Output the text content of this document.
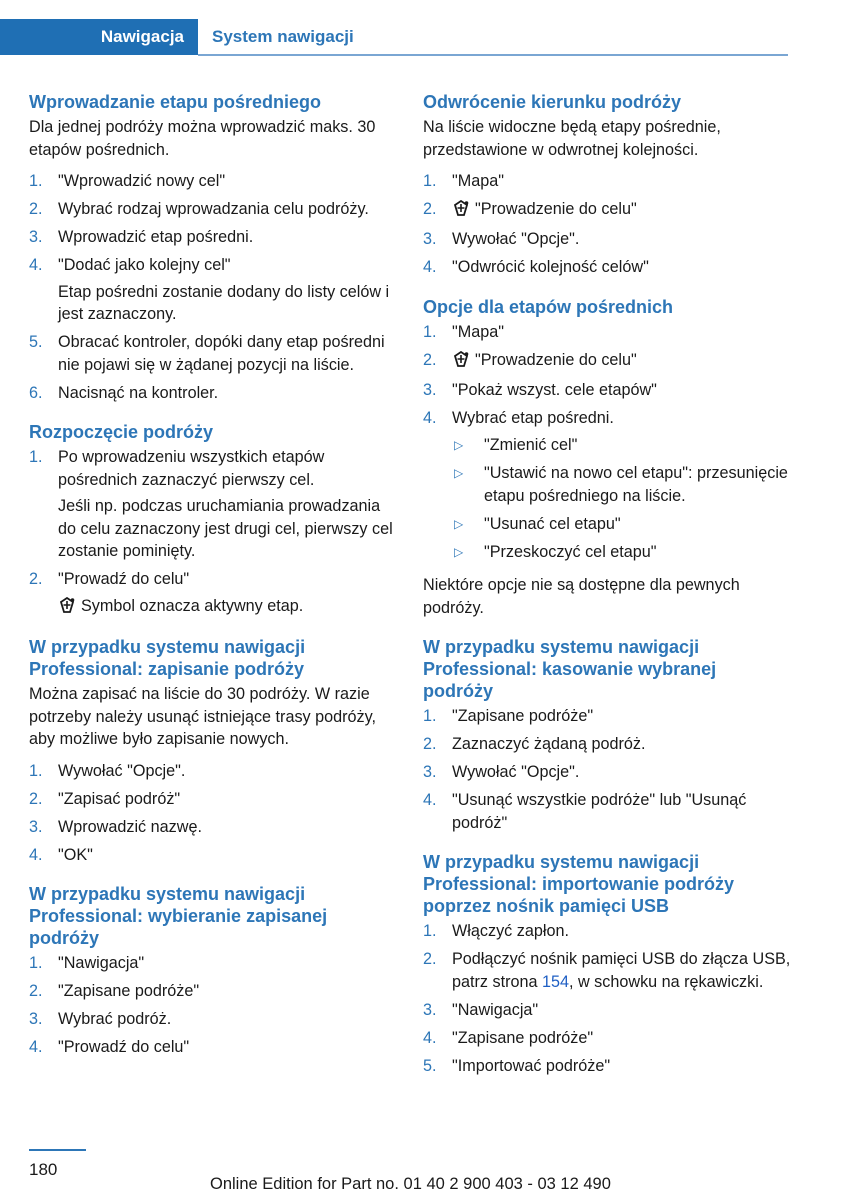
Nawigacja System nawigacji
Wprowadzanie etapu pośredniego

Dla jednej podróży można wprowadzić maks. 30 etapów pośrednich.

1. "Wprowadzić nowy cel"
2. Wybrać rodzaj wprowadzania celu podróży.
3. Wprowadzić etap pośredni.
4. "Dodać jako kolejny cel"
Etap pośredni zostanie dodany do listy celów i jest zaznaczony.
5. Obracać kontroler, dopóki dany etap pośredni nie pojawi się w żądanej pozycji na liście.
6. Nacisnąć na kontroler.
Rozpoczęcie podróży
1. Po wprowadzeniu wszystkich etapów pośrednich zaznaczyć pierwszy cel.
Jeśli np. podczas uruchamiania prowadzania do celu zaznaczony jest drugi cel, pierwszy cel zostanie pominięty.
2. "Prowadź do celu"
Symbol oznacza aktywny etap.
W przypadku systemu nawigacji Professional: zapisanie podróży

Można zapisać na liście do 30 podróży. W razie potrzeby należy usunąć istniejące trasy podróży, aby możliwe było zapisanie nowych.

1. Wywołać "Opcje".
2. "Zapisać podróż"
3. Wprowadzić nazwę.
4. "OK"
W przypadku systemu nawigacji Professional: wybieranie zapisanej podróży
1. "Nawigacja"
2. "Zapisane podróże"
3. Wybrać podróż.
4. "Prowadź do celu"
Odwrócenie kierunku podróży

Na liście widoczne będą etapy pośrednie, przedstawione w odwrotnej kolejności.

1. "Mapa"
2.	"Prowadzenie do celu"
3. Wywołać "Opcje".
4. "Odwrócić kolejność celów"
Opcje dla etapów pośrednich
1. "Mapa"
2.	"Prowadzenie do celu"
3. "Pokaż wszyst. cele etapów"
4. Wybrać etap pośredni.
▷	"Zmienić cel"
▷	"Ustawić na nowo cel etapu": przesunięcie etapu pośredniego na liście.
▷	"Usunać cel etapu"
▷	"Przeskoczyć cel etapu"

Niektóre opcje nie są dostępne dla pewnych podróży.

W przypadku systemu nawigacji Professional: kasowanie wybranej podróży
1. "Zapisane podróże"
2. Zaznaczyć żądaną podróż.
3. Wywołać "Opcje".
4. "Usunąć wszystkie podróże" lub "Usunąć podróż"
W przypadku systemu nawigacji Professional: importowanie podróży poprzez nośnik pamięci USB
1. Włączyć zapłon.
2. Podłączyć nośnik pamięci USB do złącza USB, patrz strona 154, w schowku na rękawiczki.
3. "Nawigacja"
4. "Zapisane podróże"
5. "Importować podróże"
180
Online Edition for Part no. 01 40 2 900 403 - 03 12 490
